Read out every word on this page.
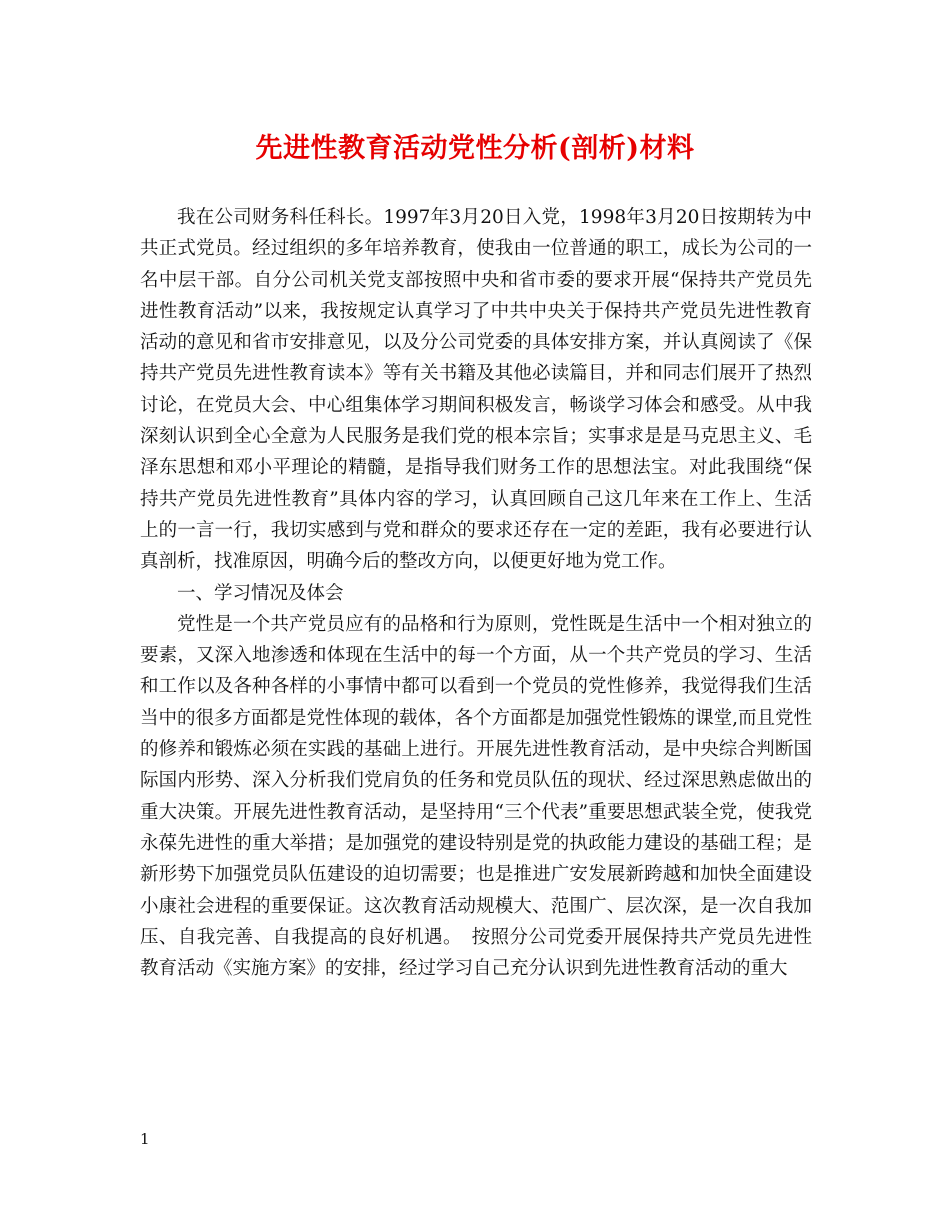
先进性教育活动党性分析(剖析)材料

我在公司财务科任科长。1997年3月20日入党，1998年3月20日按期转为中共正式党员。经过组织的多年培养教育，使我由一位普通的职工，成长为公司的一名中层干部。自分公司机关党支部按照中央和省市委的要求开展“保持共产党员先进性教育活动”以来，我按规定认真学习了中共中央关于保持共产党员先进性教育活动的意见和省市安排意见，以及分公司党委的具体安排方案，并认真阅读了《保持共产党员先进性教育读本》等有关书籍及其他必读篇目，并和同志们展开了热烈讨论，在党员大会、中心组集体学习期间积极发言，畅谈学习体会和感受。从中我深刻认识到全心全意为人民服务是我们党的根本宗旨；实事求是是马克思主义、毛泽东思想和邓小平理论的精髓，是指导我们财务工作的思想法宝。对此我围绕“保持共产党员先进性教育”具体内容的学习，认真回顾自己这几年来在工作上、生活上的一言一行，我切实感到与党和群众的要求还存在一定的差距，我有必要进行认真剖析，找准原因，明确今后的整改方向，以便更好地为党工作。

一、学习情况及体会

党性是一个共产党员应有的品格和行为原则，党性既是生活中一个相对独立的要素，又深入地渗透和体现在生活中的每一个方面，从一个共产党员的学习、生活和工作以及各种各样的小事情中都可以看到一个党员的党性修养，我觉得我们生活当中的很多方面都是党性体现的载体，各个方面都是加强党性锻炼的课堂,而且党性的修养和锻炼必须在实践的基础上进行。开展先进性教育活动，是中央综合判断国际国内形势、深入分析我们党肩负的任务和党员队伍的现状、经过深思熟虑做出的重大决策。开展先进性教育活动，是坚持用“三个代表”重要思想武装全党，使我党永葆先进性的重大举措；是加强党的建设特别是党的执政能力建设的基础工程；是新形势下加强党员队伍建设的迫切需要；也是推进广安发展新跨越和加快全面建设小康社会进程的重要保证。这次教育活动规模大、范围广、层次深，是一次自我加压、自我完善、自我提高的良好机遇。　按照分公司党委开展保持共产党员先进性教育活动《实施方案》的安排，经过学习自己充分认识到先进性教育活动的重大

1
